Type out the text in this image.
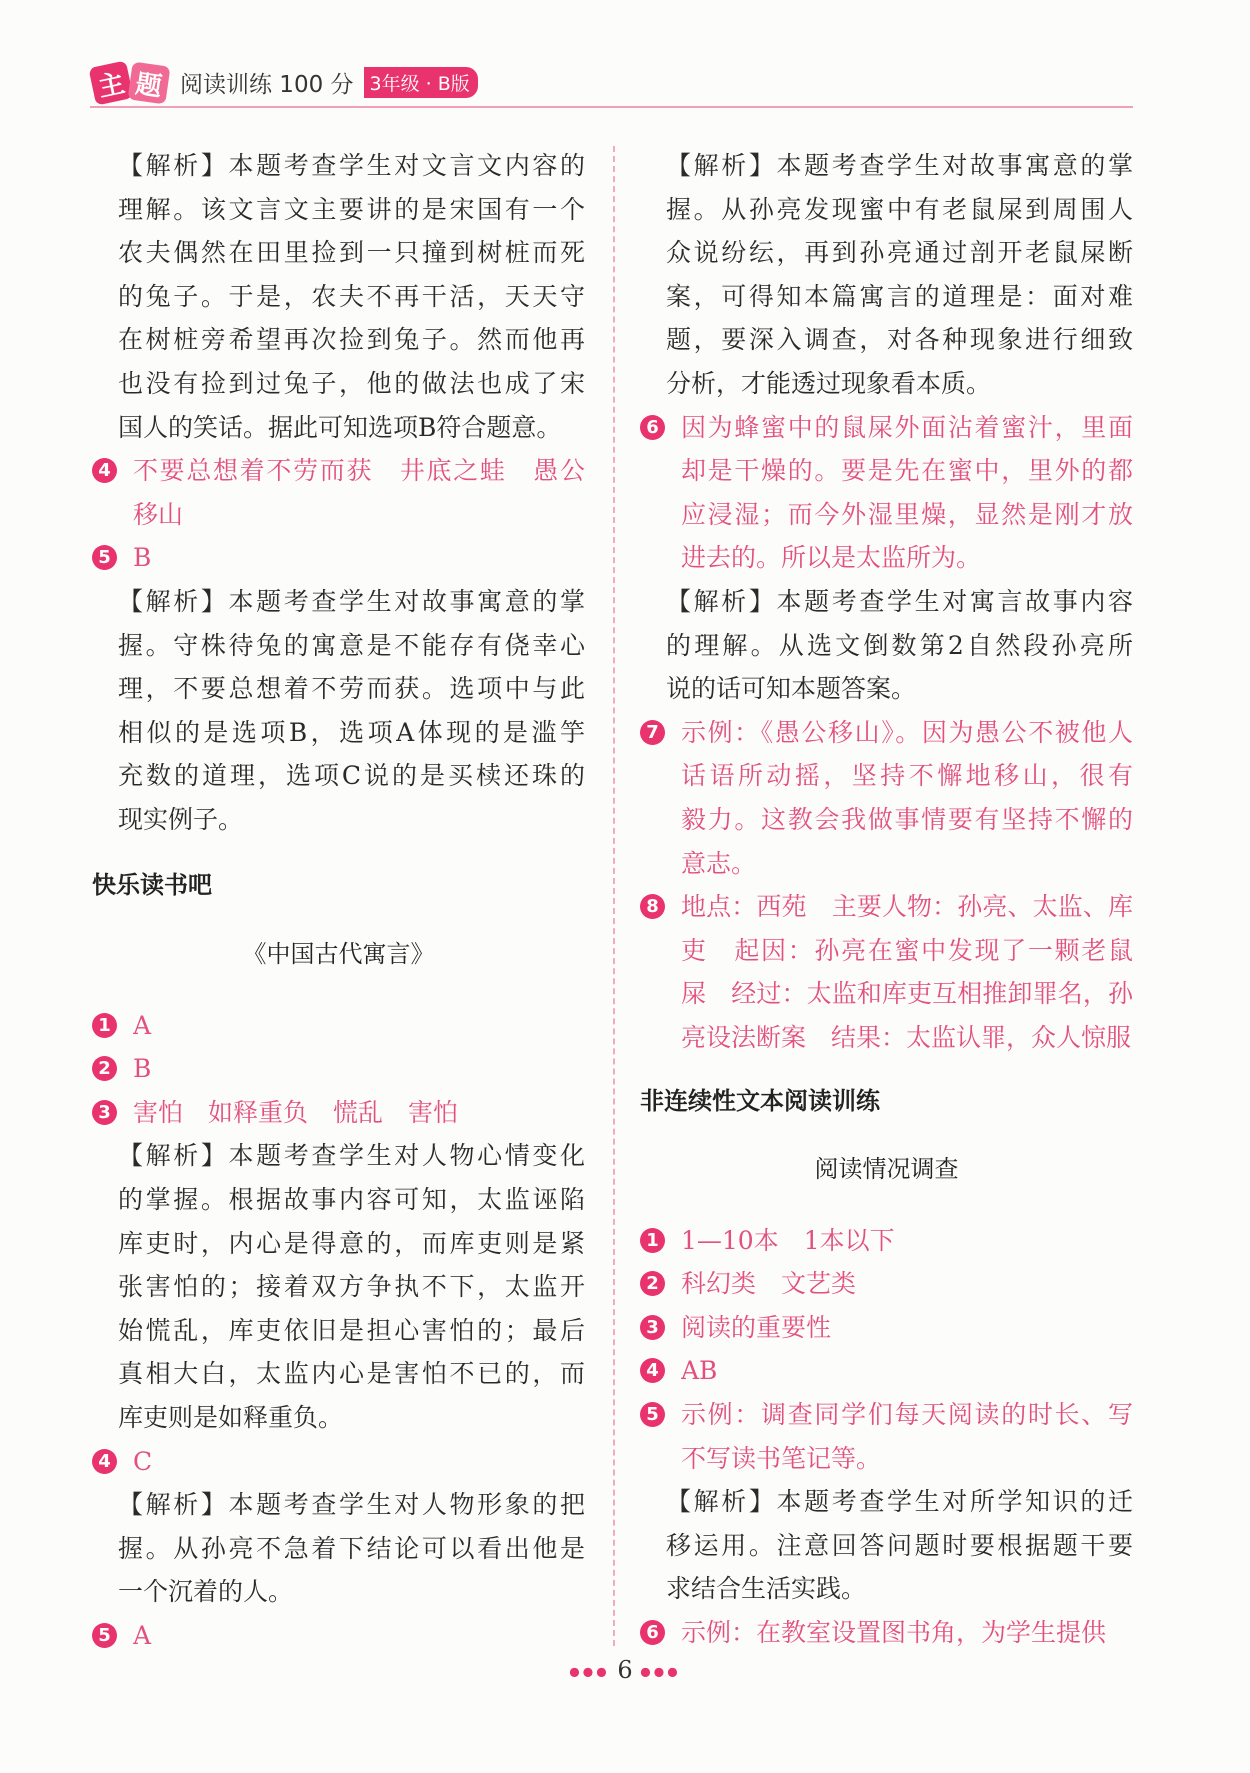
主 题 阅读训练 100 分 3年级 · B版
【解析】本题考查学生对文言文内容的
理解。该文言文主要讲的是宋国有一个
农夫偶然在田里捡到一只撞到树桩而死
的兔子。于是，农夫不再干活，天天守
在树桩旁希望再次捡到兔子。然而他再
也没有捡到过兔子，他的做法也成了宋
国人的笑话。据此可知选项B符合题意。
4 不要总想着不劳而获　井底之蛙　愚公
移山
5 B
【解析】本题考查学生对故事寓意的掌
握。守株待兔的寓意是不能存有侥幸心
理，不要总想着不劳而获。选项中与此
相似的是选项B，选项A体现的是滥竽
充数的道理，选项C说的是买椟还珠的
现实例子。
快乐读书吧
《中国古代寓言》
1 A
2 B
3 害怕　如释重负　慌乱　害怕
【解析】本题考查学生对人物心情变化
的掌握。根据故事内容可知，太监诬陷
库吏时，内心是得意的，而库吏则是紧
张害怕的；接着双方争执不下，太监开
始慌乱，库吏依旧是担心害怕的；最后
真相大白，太监内心是害怕不已的，而
库吏则是如释重负。
4 C
【解析】本题考查学生对人物形象的把
握。从孙亮不急着下结论可以看出他是
一个沉着的人。
5 A
【解析】本题考查学生对故事寓意的掌
握。从孙亮发现蜜中有老鼠屎到周围人
众说纷纭，再到孙亮通过剖开老鼠屎断
案，可得知本篇寓言的道理是：面对难
题，要深入调查，对各种现象进行细致
分析，才能透过现象看本质。
6 因为蜂蜜中的鼠屎外面沾着蜜汁，里面
却是干燥的。要是先在蜜中，里外的都
应浸湿；而今外湿里燥，显然是刚才放
进去的。所以是太监所为。
【解析】本题考查学生对寓言故事内容
的理解。从选文倒数第2自然段孙亮所
说的话可知本题答案。
7 示例：《愚公移山》。因为愚公不被他人
话语所动摇，坚持不懈地移山，很有
毅力。这教会我做事情要有坚持不懈的
意志。
8 地点：西苑　主要人物：孙亮、太监、库
吏　起因：孙亮在蜜中发现了一颗老鼠
屎　经过：太监和库吏互相推卸罪名，孙
亮设法断案　结果：太监认罪，众人惊服
非连续性文本阅读训练
阅读情况调查
1 1—10本　1本以下
2 科幻类　文艺类
3 阅读的重要性
4 AB
5 示例：调查同学们每天阅读的时长、写
不写读书笔记等。
【解析】本题考查学生对所学知识的迁
移运用。注意回答问题时要根据题干要
求结合生活实践。
6 示例：在教室设置图书角，为学生提供
●●● 6 ●●●
